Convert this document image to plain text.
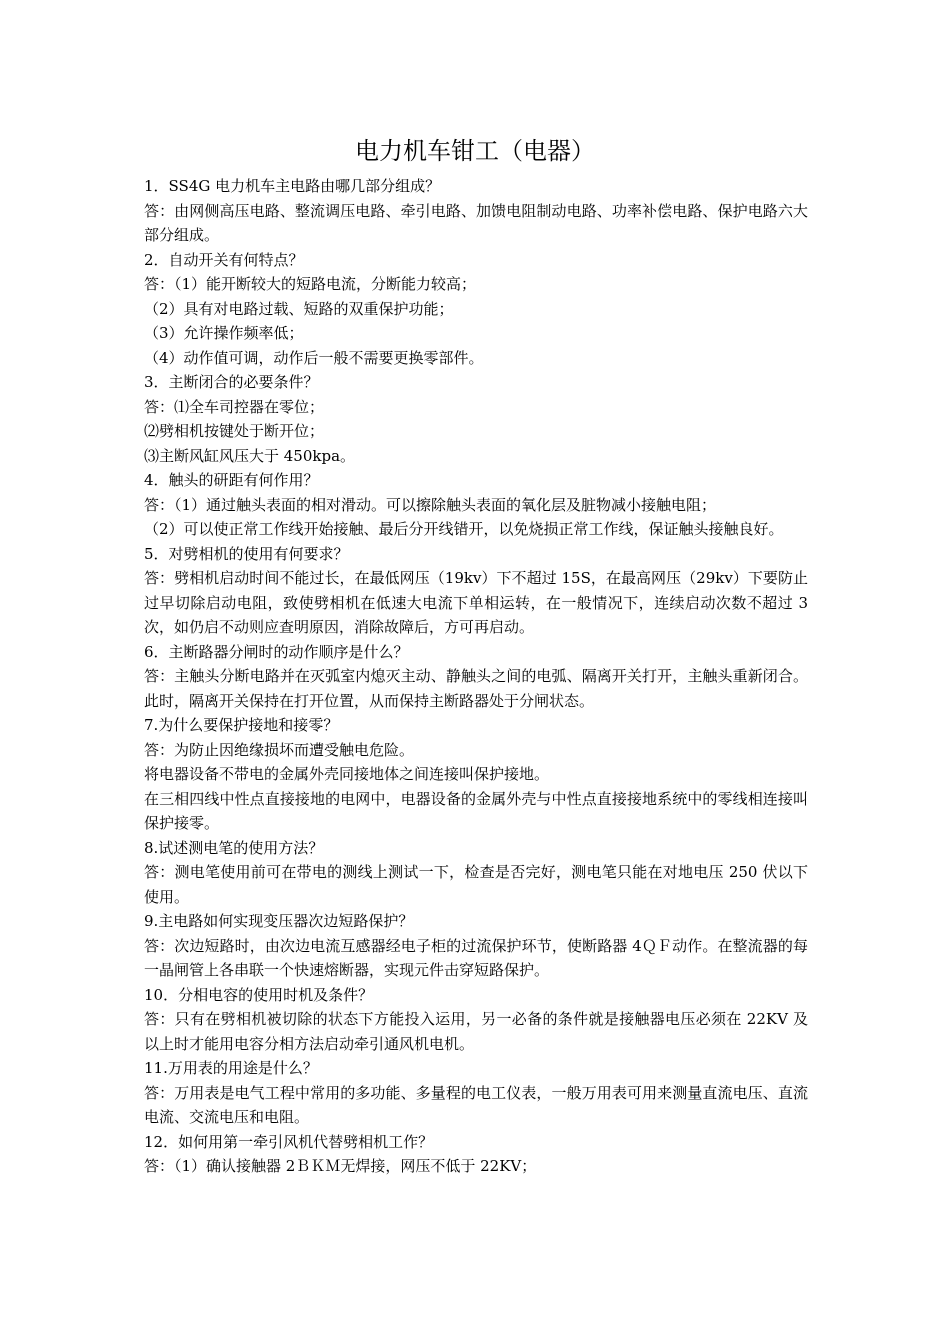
电力机车钳工（电器）

1．SS4G 电力机车主电路由哪几部分组成？

答：由网侧高压电路、整流调压电路、牵引电路、加馈电阻制动电路、功率补偿电路、保护电路六大部分组成。

2．自动开关有何特点？

答：（1）能开断较大的短路电流，分断能力较高；

（2）具有对电路过载、短路的双重保护功能；

（3）允许操作频率低；

（4）动作值可调，动作后一般不需要更换零部件。

3．主断闭合的必要条件？

答：⑴全车司控器在零位；

⑵劈相机按键处于断开位；

⑶主断风缸风压大于 450kpa。

4．触头的研距有何作用？

答：（1）通过触头表面的相对滑动。可以擦除触头表面的氧化层及脏物减小接触电阻；

（2）可以使正常工作线开始接触、最后分开线错开，以免烧损正常工作线，保证触头接触良好。

5．对劈相机的使用有何要求？

答：劈相机启动时间不能过长，在最低网压（19kv）下不超过 15S，在最高网压（29kv）下要防止过早切除启动电阻，致使劈相机在低速大电流下单相运转，在一般情况下，连续启动次数不超过 3 次，如仍启不动则应查明原因，消除故障后，方可再启动。

6．主断路器分闸时的动作顺序是什么？

答：主触头分断电路并在灭弧室内熄灭主动、静触头之间的电弧、隔离开关打开，主触头重新闭合。此时，隔离开关保持在打开位置，从而保持主断路器处于分闸状态。

7.为什么要保护接地和接零？

答：为防止因绝缘损坏而遭受触电危险。

将电器设备不带电的金属外壳同接地体之间连接叫保护接地。

在三相四线中性点直接接地的电网中，电器设备的金属外壳与中性点直接接地系统中的零线相连接叫保护接零。

8.试述测电笔的使用方法？

答：测电笔使用前可在带电的测线上测试一下，检查是否完好，测电笔只能在对地电压 250 伏以下使用。

9.主电路如何实现变压器次边短路保护？

答：次边短路时，由次边电流互感器经电子柜的过流保护环节，使断路器 4ＱＦ动作。在整流器的每一晶闸管上各串联一个快速熔断器，实现元件击穿短路保护。

10．分相电容的使用时机及条件？

答：只有在劈相机被切除的状态下方能投入运用，另一必备的条件就是接触器电压必须在 22KV 及以上时才能用电容分相方法启动牵引通风机电机。

11.万用表的用途是什么？

答：万用表是电气工程中常用的多功能、多量程的电工仪表，一般万用表可用来测量直流电压、直流电流、交流电压和电阻。

12．如何用第一牵引风机代替劈相机工作？

答：（1）确认接触器 2ＢＫＭ无焊接，网压不低于 22KV；
